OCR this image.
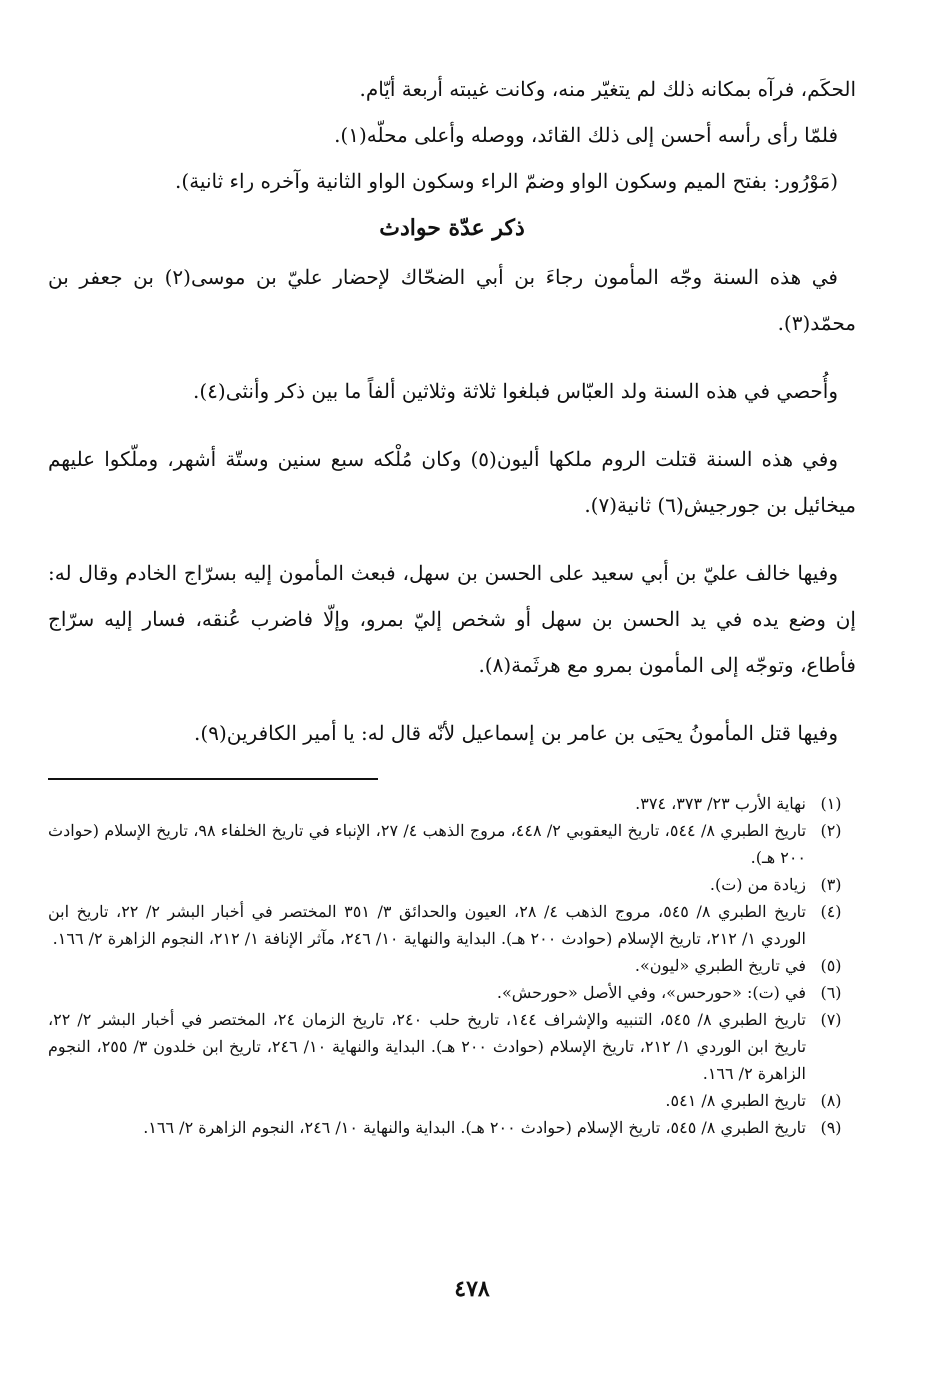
الحكَم، فرآه بمكانه ذلك لم يتغيّر منه، وكانت غيبته أربعة أيّام.

فلمّا رأى رأسه أحسن إلى ذلك القائد، ووصله وأعلى محلّه(١).

(مَوْرُور: بفتح الميم وسكون الواو وضمّ الراء وسكون الواو الثانية وآخره راء ثانية).

ذكر عدّة حوادث

في هذه السنة وجّه المأمون رجاءَ بن أبي الضحّاك لإحضار عليّ بن موسى(٢) بن جعفر بن محمّد(٣).

وأُحصي في هذه السنة ولد العبّاس فبلغوا ثلاثة وثلاثين ألفاً ما بين ذكر وأنثى(٤).

وفي هذه السنة قتلت الروم ملكها أليون(٥) وكان مُلْكه سبع سنين وستّة أشهر، وملّكوا عليهم ميخائيل بن جورجيش(٦) ثانية(٧).

وفيها خالف عليّ بن أبي سعيد على الحسن بن سهل، فبعث المأمون إليه بسرّاج الخادم وقال له: إن وضع يده في يد الحسن بن سهل أو شخص إليّ بمرو، وإلّا فاضرب عُنقه، فسار إليه سرّاج فأطاع، وتوجّه إلى المأمون بمرو مع هرثَمة(٨).

وفيها قتل المأمونُ يحيَى بن عامر بن إسماعيل لأنّه قال له: يا أمير الكافرين(٩).

(١)
نهاية الأرب ٢٣/ ٣٧٣، ٣٧٤.
(٢)
تاريخ الطبري ٨/ ٥٤٤، تاريخ اليعقوبي ٢/ ٤٤٨، مروج الذهب ٤/ ٢٧، الإنباء في تاريخ الخلفاء ٩٨، تاريخ الإسلام (حوادث ٢٠٠ هـ).
(٣)
زيادة من (ت).
(٤)
تاريخ الطبري ٨/ ٥٤٥، مروج الذهب ٤/ ٢٨، العيون والحدائق ٣/ ٣٥١ المختصر في أخبار البشر ٢/ ٢٢، تاريخ ابن الوردي ١/ ٢١٢، تاريخ الإسلام (حوادث ٢٠٠ هـ). البداية والنهاية ١٠/ ٢٤٦، مآثر الإنافة ١/ ٢١٢، النجوم الزاهرة ٢/ ١٦٦.
(٥)
في تاريخ الطبري «ليون».
(٦)
في (ت): «حورحس»، وفي الأصل «حورحش».
(٧)
تاريخ الطبري ٨/ ٥٤٥، التنبيه والإشراف ١٤٤، تاريخ حلب ٢٤٠، تاريخ الزمان ٢٤، المختصر في أخبار البشر ٢/ ٢٢، تاريخ ابن الوردي ١/ ٢١٢، تاريخ الإسلام (حوادث ٢٠٠ هـ). البداية والنهاية ١٠/ ٢٤٦، تاريخ ابن خلدون ٣/ ٢٥٥، النجوم الزاهرة ٢/ ١٦٦.
(٨)
تاريخ الطبري ٨/ ٥٤١.
(٩)
تاريخ الطبري ٨/ ٥٤٥، تاريخ الإسلام (حوادث ٢٠٠ هـ). البداية والنهاية ١٠/ ٢٤٦، النجوم الزاهرة ٢/ ١٦٦.
٤٧٨
